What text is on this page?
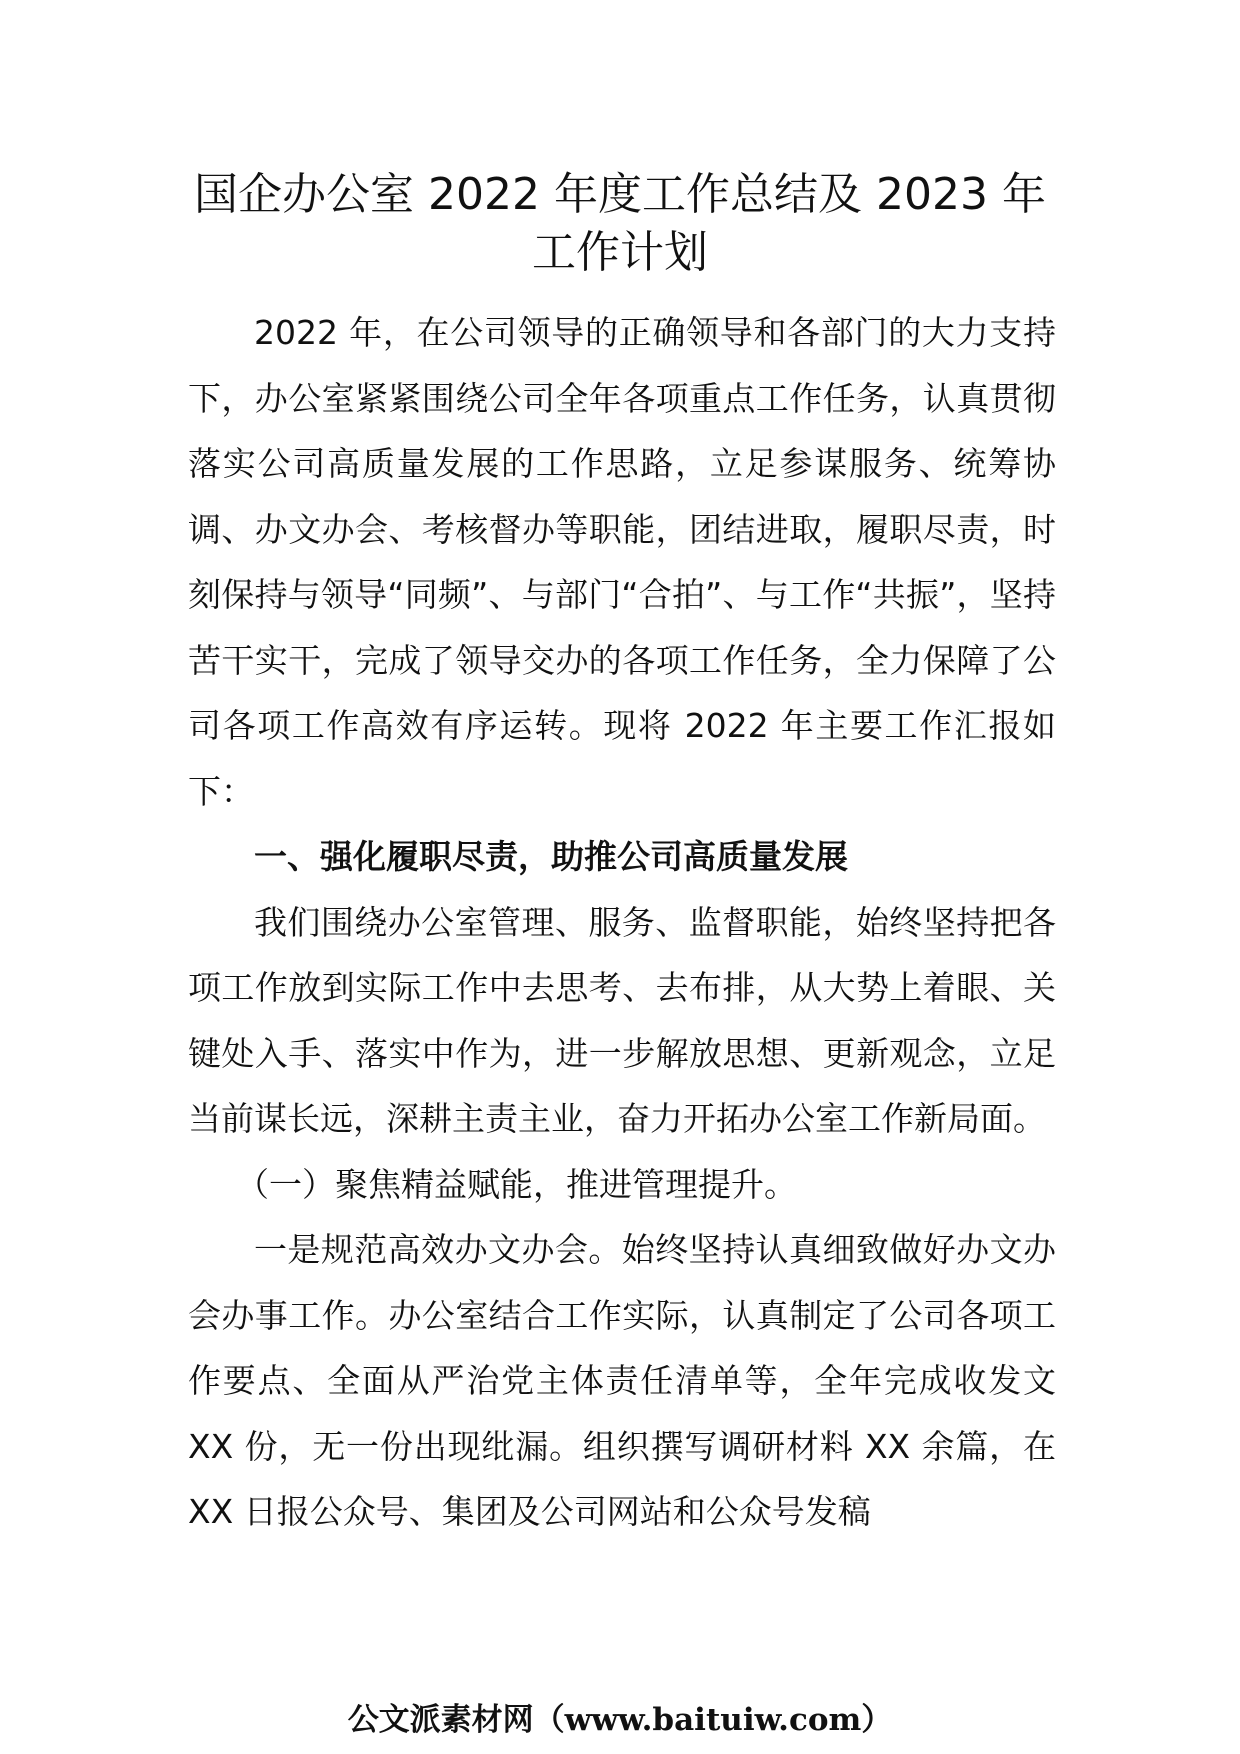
国企办公室 2022 年度工作总结及 2023 年
工作计划

2022 年，在公司领导的正确领导和各部门的大力支持下，办公室紧紧围绕公司全年各项重点工作任务，认真贯彻落实公司高质量发展的工作思路，立足参谋服务、统筹协调、办文办会、考核督办等职能，团结进取，履职尽责，时刻保持与领导“同频”、与部门“合拍”、与工作“共振”，坚持苦干实干，完成了领导交办的各项工作任务，全力保障了公司各项工作高效有序运转。现将 2022 年主要工作汇报如下：

一、强化履职尽责，助推公司高质量发展

我们围绕办公室管理、服务、监督职能，始终坚持把各项工作放到实际工作中去思考、去布排，从大势上着眼、关键处入手、落实中作为，进一步解放思想、更新观念，立足当前谋长远，深耕主责主业，奋力开拓办公室工作新局面。

（一）聚焦精益赋能，推进管理提升。

一是规范高效办文办会。始终坚持认真细致做好办文办会办事工作。办公室结合工作实际，认真制定了公司各项工作要点、全面从严治党主体责任清单等，全年完成收发文 XX 份，无一份出现纰漏。组织撰写调研材料 XX 余篇，在 XX 日报公众号、集团及公司网站和公众号发稿

公文派素材网（www.baituiw.com）
